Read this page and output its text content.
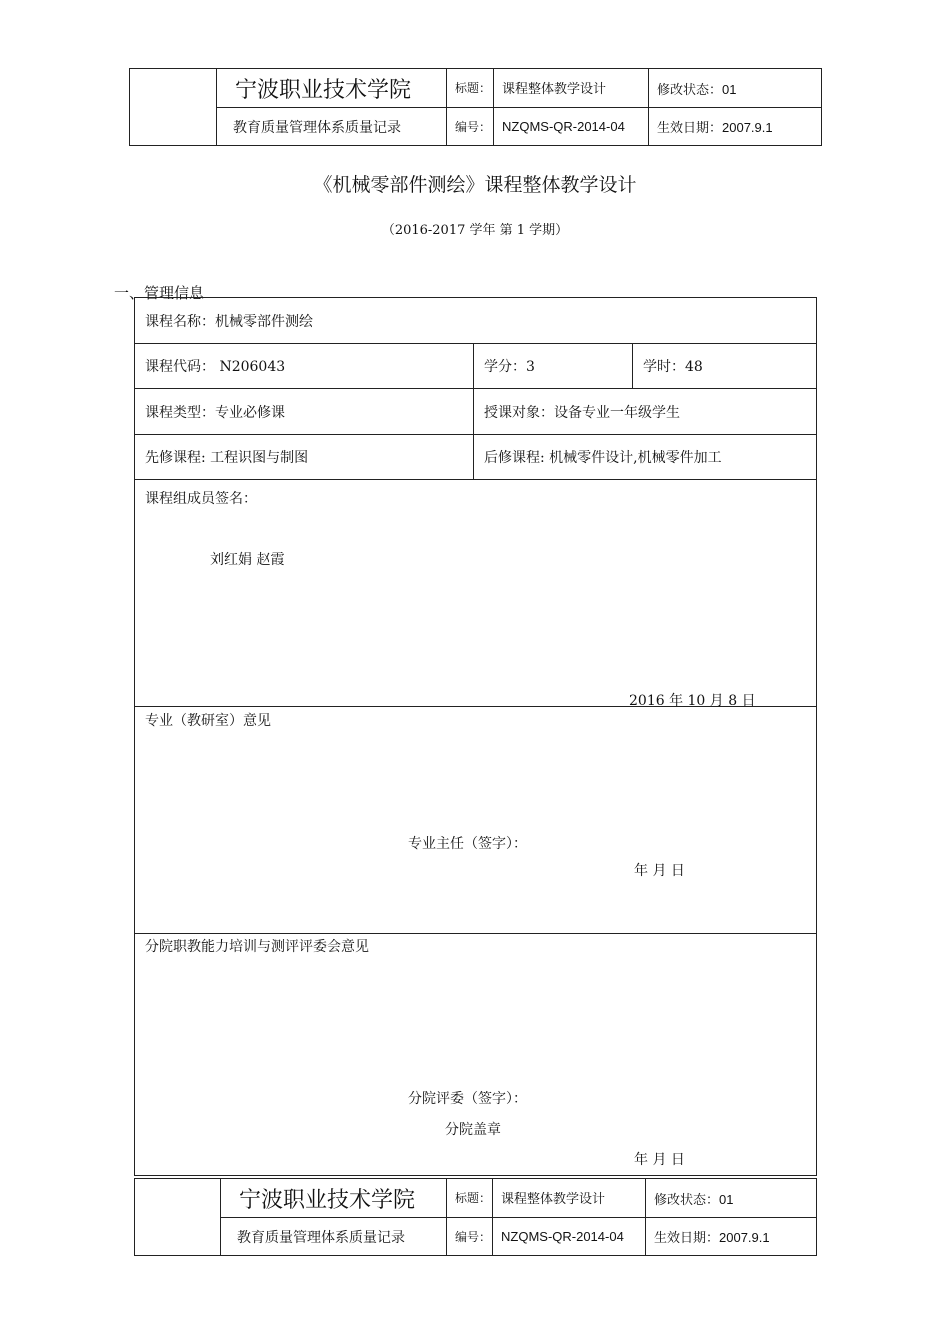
	宁波职业技术学院	标题：	课程整体教学设计	修改状态：01
	教育质量管理体系质量记录	编号：	NZQMS-QR-2014-04	生效日期：2007.9.1
《机械零部件测绘》课程整体教学设计
（2016-2017 学年 第 1 学期）
一、管理信息
课程名称：机械零部件测绘		
课程代码： N206043	学分：3	学时：48
课程类型：专业必修课	授课对象：设备专业一年级学生	
先修课程: 工程识图与制图	后修课程: 机械零件设计,机械零件加工	

课程组成员签名：
刘红娟 赵霞
2016 年 10 月 8 日		

专业（教研室）意见
专业主任（签字）：
年 月 日		

分院职教能力培训与测评评委会意见
分院评委（签字）：
分院盖章
年 月 日		
	宁波职业技术学院	标题：	课程整体教学设计	修改状态：01
	教育质量管理体系质量记录	编号：	NZQMS-QR-2014-04	生效日期：2007.9.1
